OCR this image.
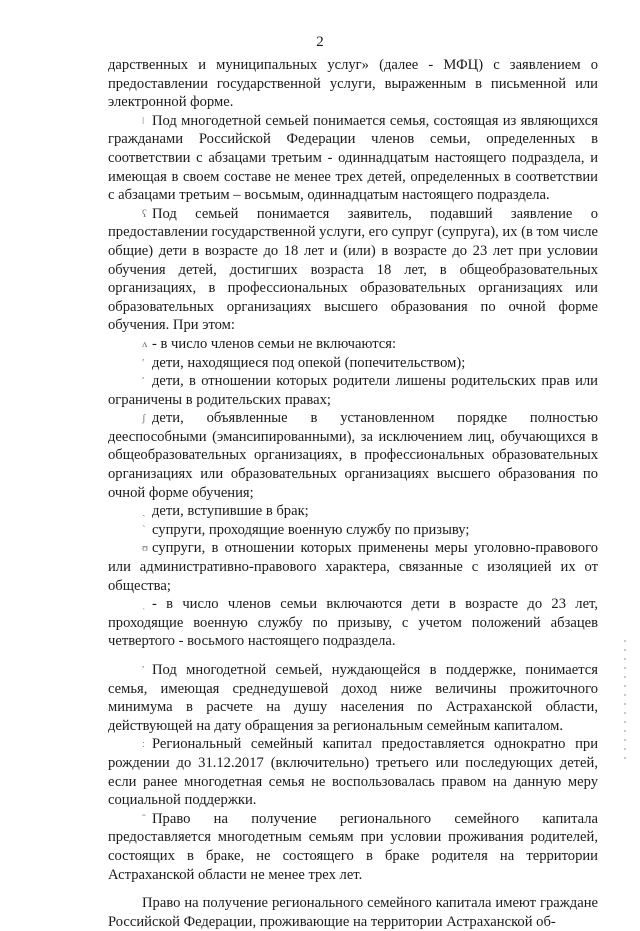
2

дарственных и муниципальных услуг» (далее - МФЦ) с заявлением о предоставлении государственной услуги, выраженным в письменной или электронной форме.

ǀ Под многодетной семьей понимается семья, состоящая из являющихся гражданами Российской Федерации членов семьи, определенных в соответствии с абзацами третьим - одиннадцатым настоящего подраздела, и имеющая в своем составе не менее трех детей, определенных в соответствии с абзацами третьим – восьмым, одиннадцатым настоящего подраздела.

ʕ Под семьей понимается заявитель, подавший заявление о предоставлении государственной услуги, его супруг (супруга), их (в том числе общие) дети в возрасте до 18 лет и (или) в возрасте до 23 лет при условии обучения детей, достигших возраста 18 лет, в общеобразовательных организациях, в профессиональных образовательных организациях или образовательных организациях высшего образования по очной форме обучения. При этом:

ʌ - в число членов семьи не включаются:

ʹ дети, находящиеся под опекой (попечительством);

ʹ дети, в отношении которых родители лишены родительских прав или ограничены в родительских правах;

ʃ дети, объявленные в установленном порядке полностью дееспособными (эмансипированными), за исключением лиц, обучающихся в общеобразовательных организациях, в профессиональных образовательных организациях или образовательных организациях высшего образования по очной форме обучения;

ˎ дети, вступившие в брак;

ˋ супруги, проходящие военную службу по призыву;

ʊ супруги, в отношении которых применены меры уголовно-правового или административно-правового характера, связанные с изоляцией их от общества;

ˌ - в число членов семьи включаются дети в возрасте до 23 лет, проходящие военную службу по призыву, с учетом положений абзацев четвертого - восьмого настоящего подраздела.

ʹ Под многодетной семьей, нуждающейся в поддержке, понимается семья, имеющая среднедушевой доход ниже величины прожиточного минимума в расчете на душу населения по Астраханской области, действующей на дату обращения за региональным семейным капиталом.

ː Региональный семейный капитал предоставляется однократно при рождении до 31.12.2017 (включительно) третьего или последующих детей, если ранее многодетная семья не воспользовалась правом на данную меру социальной поддержки.

ˆ Право на получение регионального семейного капитала предоставляется многодетным семьям при условии проживания родителей, состоящих в браке, не состоящего в браке родителя на территории Астраханской области не менее трех лет.

Право на получение регионального семейного капитала имеют граждане Российской Федерации, проживающие на территории Астраханской об-
